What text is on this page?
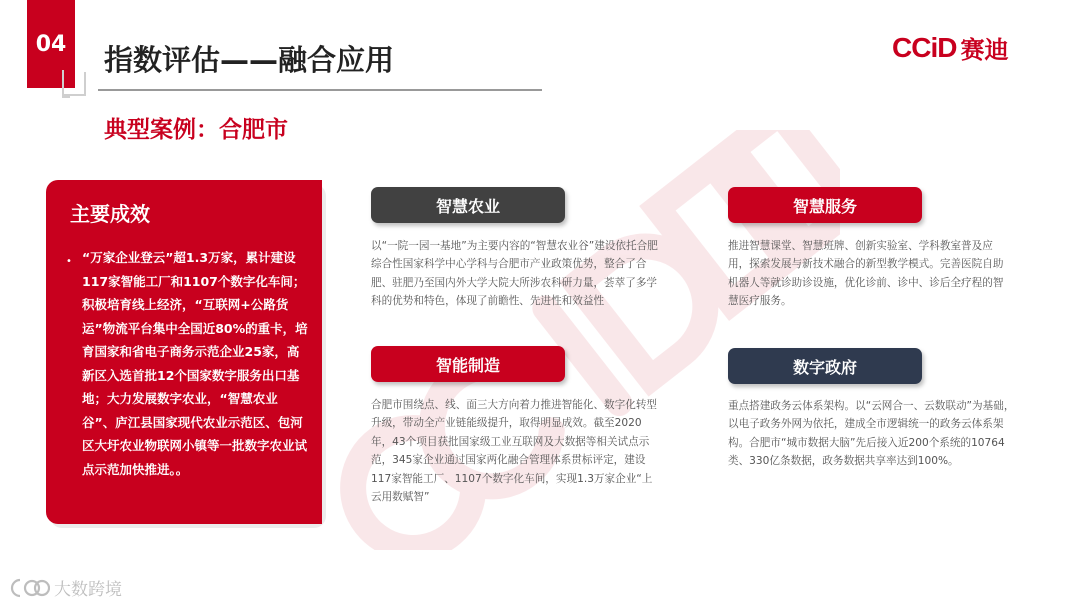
04 指数评估——融合应用
典型案例：合肥市
CCiD 赛迪
主要成效
• “万家企业登云”超1.3万家，累计建设117家智能工厂和1107个数字化车间；积极培育线上经济，“互联网+公路货运”物流平台集中全国近80%的重卡，培育国家和省电子商务示范企业25家，高新区入选首批12个国家数字服务出口基地；大力发展数字农业，“智慧农业谷”、庐江县国家现代农业示范区、包河区大圩农业物联网小镇等一批数字农业试点示范加快推进。。
智慧农业
以“一院一园一基地”为主要内容的“智慧农业谷”建设依托合肥综合性国家科学中心学科与合肥市产业政策优势，整合了合肥、驻肥乃至国内外大学大院大所涉农科研力量，荟萃了多学科的优势和特色，体现了前瞻性、先进性和效益性
智慧服务
推进智慧课堂、智慧班牌、创新实验室、学科教室普及应用，探索发展与新技术融合的新型教学模式。完善医院自助机器人等就诊助诊设施，优化诊前、诊中、诊后全疗程的智慧医疗服务。
智能制造
合肥市围绕点、线、面三大方向着力推进智能化、数字化转型升级，带动全产业链能级提升，取得明显成效。截至2020年，43个项目获批国家级工业互联网及大数据等相关试点示范，345家企业通过国家两化融合管理体系贯标评定，建设117家智能工厂、1107个数字化车间，实现1.3万家企业“上云用数赋智”
数字政府
重点搭建政务云体系架构。以“云网合一、云数联动”为基础，以电子政务外网为依托，建成全市逻辑统一的政务云体系架构。合肥市“城市数据大脑”先后接入近200个系统的10764类、330亿条数据，政务数据共享率达到100%。
大数跨境
